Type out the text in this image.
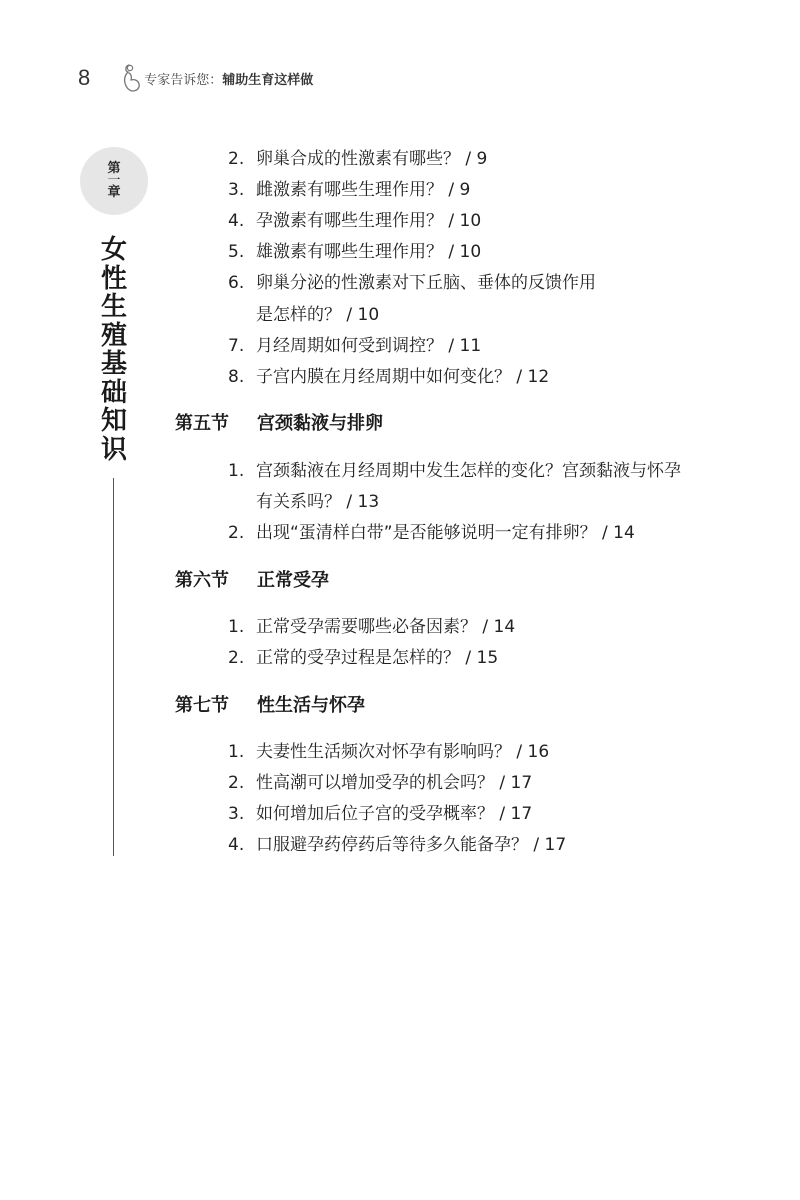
8	专家告诉您：辅助生育这样做
第
一
章
女
性
生
殖
基
础
知
识
2. 卵巢合成的性激素有哪些？ / 9
3. 雌激素有哪些生理作用？ / 9
4. 孕激素有哪些生理作用？ / 10
5. 雄激素有哪些生理作用？ / 10
6. 卵巢分泌的性激素对下丘脑、垂体的反馈作用
是怎样的？ / 10
7. 月经周期如何受到调控？ / 11
8. 子宫内膜在月经周期中如何变化？ / 12
第五节 宫颈黏液与排卵
1. 宫颈黏液在月经周期中发生怎样的变化？宫颈黏液与怀孕
有关系吗？ / 13
2. 出现“蛋清样白带”是否能够说明一定有排卵？ / 14
第六节 正常受孕
1. 正常受孕需要哪些必备因素？ / 14
2. 正常的受孕过程是怎样的？ / 15
第七节 性生活与怀孕
1. 夫妻性生活频次对怀孕有影响吗？ / 16
2. 性高潮可以增加受孕的机会吗？ / 17
3. 如何增加后位子宫的受孕概率？ / 17
4. 口服避孕药停药后等待多久能备孕？ / 17
